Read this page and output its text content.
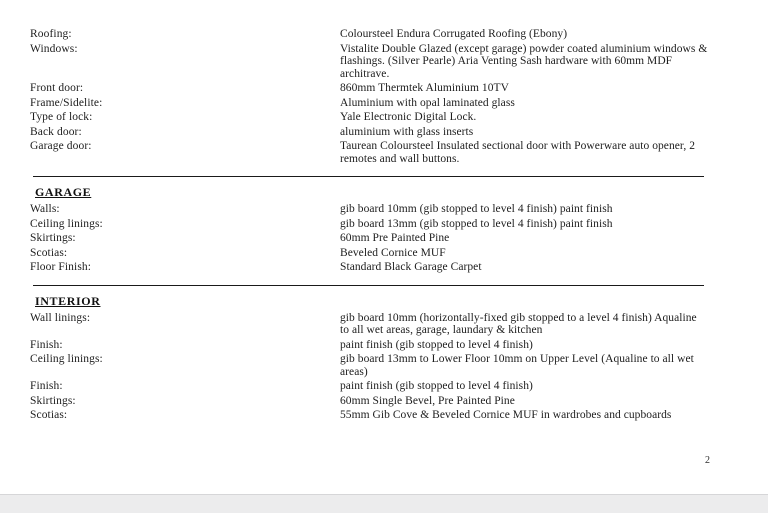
Roofing:	Coloursteel Endura Corrugated Roofing (Ebony)
Windows:	Vistalite Double Glazed (except garage) powder coated aluminium windows & flashings. (Silver Pearle) Aria Venting Sash hardware with 60mm MDF architrave.
Front door:	860mm Thermtek Aluminium 10TV
Frame/Sidelite:	Aluminium with opal laminated glass
Type of lock:	Yale Electronic Digital Lock.
Back door:	aluminium with glass inserts
Garage door:	Taurean Coloursteel Insulated sectional door with Powerware auto opener, 2 remotes and wall buttons.
GARAGE
Walls:	gib board 10mm (gib stopped to level 4 finish) paint finish
Ceiling linings:	gib board 13mm (gib stopped to level 4 finish) paint finish
Skirtings:	60mm Pre Painted Pine
Scotias:	Beveled Cornice MUF
Floor Finish:	Standard Black Garage Carpet
INTERIOR
Wall linings:	gib board 10mm (horizontally-fixed gib stopped to a level 4 finish) Aqualine to all wet areas, garage, laundary & kitchen
Finish:	paint finish (gib stopped to level 4 finish)
Ceiling linings:	gib board 13mm to Lower Floor 10mm on Upper Level (Aqualine to all wet areas)
Finish:	paint finish (gib stopped to level 4 finish)
Skirtings:	60mm Single Bevel, Pre Painted Pine
Scotias:	55mm Gib Cove & Beveled Cornice MUF in wardrobes and cupboards
2
